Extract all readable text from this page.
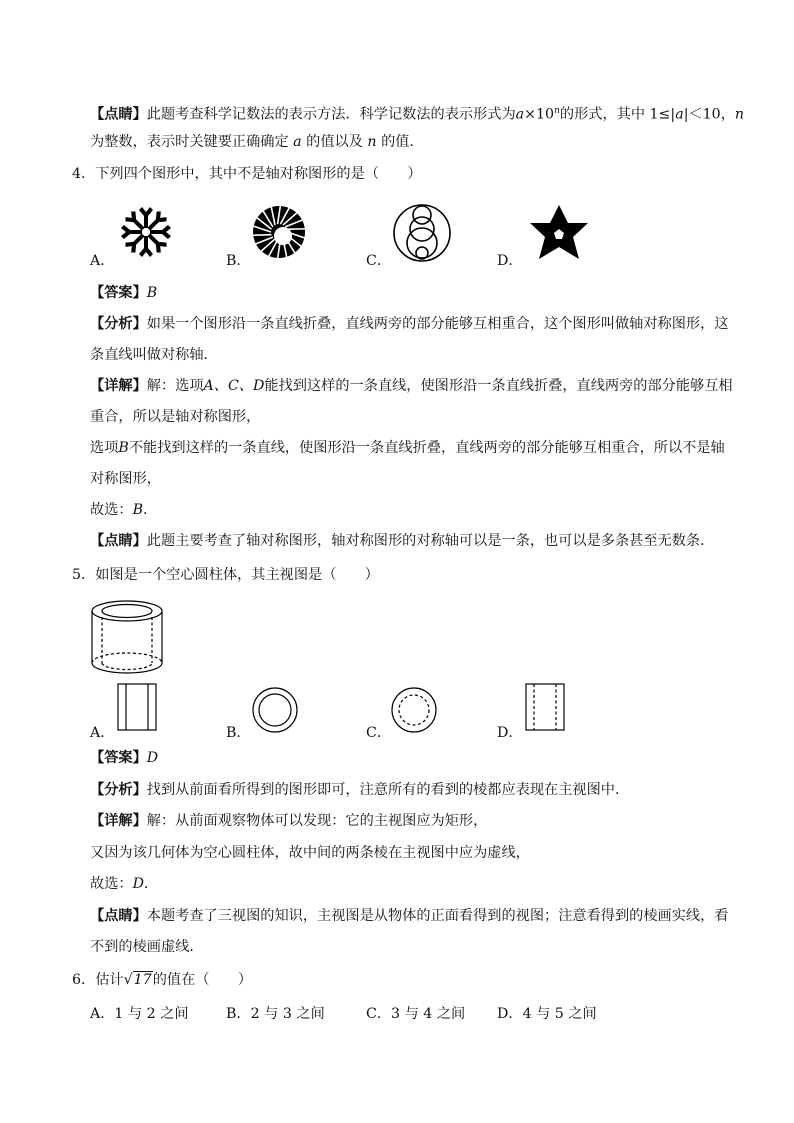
【点睛】此题考查科学记数法的表示方法．科学记数法的表示形式为$a\times 10^n$的形式，其中 1≤|a|＜10，n
为整数，表示时关键要正确确定 a 的值以及 n 的值．
4．下列四个图形中，其中不是轴对称图形的是（　　）
A．	B．	C．	D．
【答案】B
【分析】如果一个图形沿一条直线折叠，直线两旁的部分能够互相重合，这个图形叫做轴对称图形，这
条直线叫做对称轴．
【详解】解：选项A、C、D能找到这样的一条直线，使图形沿一条直线折叠，直线两旁的部分能够互相
重合，所以是轴对称图形，
选项B不能找到这样的一条直线，使图形沿一条直线折叠，直线两旁的部分能够互相重合，所以不是轴
对称图形，
故选：B．
【点睛】此题主要考查了轴对称图形，轴对称图形的对称轴可以是一条，也可以是多条甚至无数条．
5．如图是一个空心圆柱体，其主视图是（　　）
A．	B．	C．	D．
【答案】D
【分析】找到从前面看所得到的图形即可，注意所有的看到的棱都应表现在主视图中．
【详解】解：从前面观察物体可以发现：它的主视图应为矩形，
又因为该几何体为空心圆柱体，故中间的两条棱在主视图中应为虚线，
故选：D．
【点睛】本题考查了三视图的知识，主视图是从物体的正面看得到的视图；注意看得到的棱画实线，看
不到的棱画虚线．
6．估计√17的值在（　　）
A．1 与 2 之间	B．2 与 3 之间	C．3 与 4 之间 D．4 与 5 之间
